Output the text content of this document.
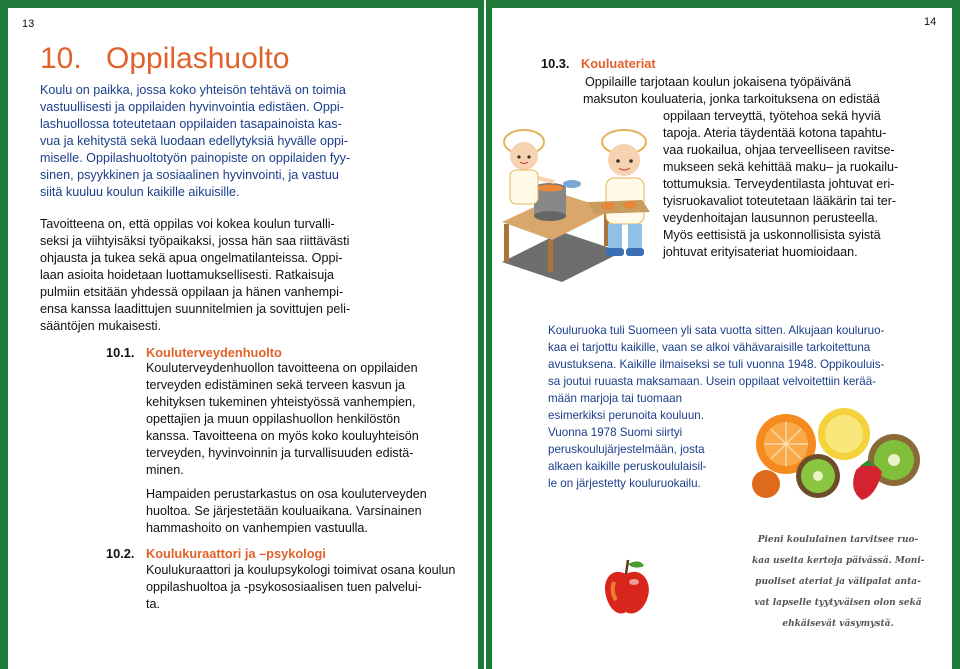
13	14
10. Oppilashuolto
Koulu on paikka, jossa koko yhteisön tehtävä on toimia
vastuullisesti ja oppilaiden hyvinvointia edistäen. Oppi-
lashuollossa toteutetaan oppilaiden tasapainoista kas-
vua ja kehitystä sekä luodaan edellytyksiä hyvälle oppi-
miselle. Oppilashuoltotyön painopiste on oppilaiden fyy-
sinen, psyykkinen ja sosiaalinen hyvinvointi, ja vastuu
siitä kuuluu koulun kaikille aikuisille.
Tavoitteena on, että oppilas voi kokea koulun turvalli-
seksi ja viihtyisäksi työpaikaksi, jossa hän saa riittävästi
ohjausta ja tukea sekä apua ongelmatilanteissa. Oppi-
laan asioita hoidetaan luottamuksellisesti. Ratkaisuja
pulmiin etsitään yhdessä oppilaan ja hänen vanhempi-
ensa kanssa laadittujen suunnitelmien ja sovittujen peli-
sääntöjen mukaisesti.
10.1. Kouluterveydenhuolto
Kouluterveydenhuollon tavoitteena on oppilaiden
terveyden edistäminen sekä terveen kasvun ja
kehityksen tukeminen yhteistyössä vanhempien,
opettajien ja muun oppilashuollon henkilöstön
kanssa. Tavoitteena on myös koko kouluyhteisön
terveyden, hyvinvoinnin ja turvallisuuden edistä-
minen.
Hampaiden perustarkastus on osa kouluterveyden
huoltoa. Se järjestetään kouluaikana. Varsinainen
hammashoito on vanhempien vastuulla.
10.2. Koulukuraattori ja –psykologi
Koulukuraattori ja koulupsykologi toimivat osana koulun
oppilashuoltoa ja -psykososiaalisen tuen palvelui-
ta.
10.3. Kouluateriat
Oppilaille tarjotaan koulun jokaisena työpäivänä
maksuton kouluateria, jonka tarkoituksena on edistää
oppilaan terveyttä, työtehoa sekä hyviä
tapoja. Ateria täydentää kotona tapahtu-
vaa ruokailua, ohjaa terveelliseen ravitse-
mukseen sekä kehittää maku– ja ruokailu-
tottumuksia. Terveydentilasta johtuvat eri-
tyisruokavaliot toteutetaan lääkärin tai ter-
veydenhoitajan lausunnon perusteella.
Myös eettisistä ja uskonnollisista syistä
johtuvat erityisateriat huomioidaan.
Kouluruoka tuli Suomeen yli sata vuotta sitten. Alkujaan kouluruo-
kaa ei tarjottu kaikille, vaan se alkoi vähävaraisille tarkoitettuna
avustuksena. Kaikille ilmaiseksi se tuli vuonna 1948. Oppikouluis-
sa joutui ruuasta maksamaan. Usein oppilaat velvoitettiin kerää-
mään marjoja tai tuomaan
esimerkiksi perunoita kouluun.
Vuonna 1978 Suomi siirtyi
peruskoulujärjestelmään, josta
alkaen kaikille peruskoululaisil-
le on järjestetty kouluruokailu.
Pieni koululainen tarvitsee ruo-
kaa useita kertoja päivässä. Moni-
puoliset ateriat ja välipalat anta-
vat lapselle tyytyväisen olon sekä
ehkäisevät väsymystä.
